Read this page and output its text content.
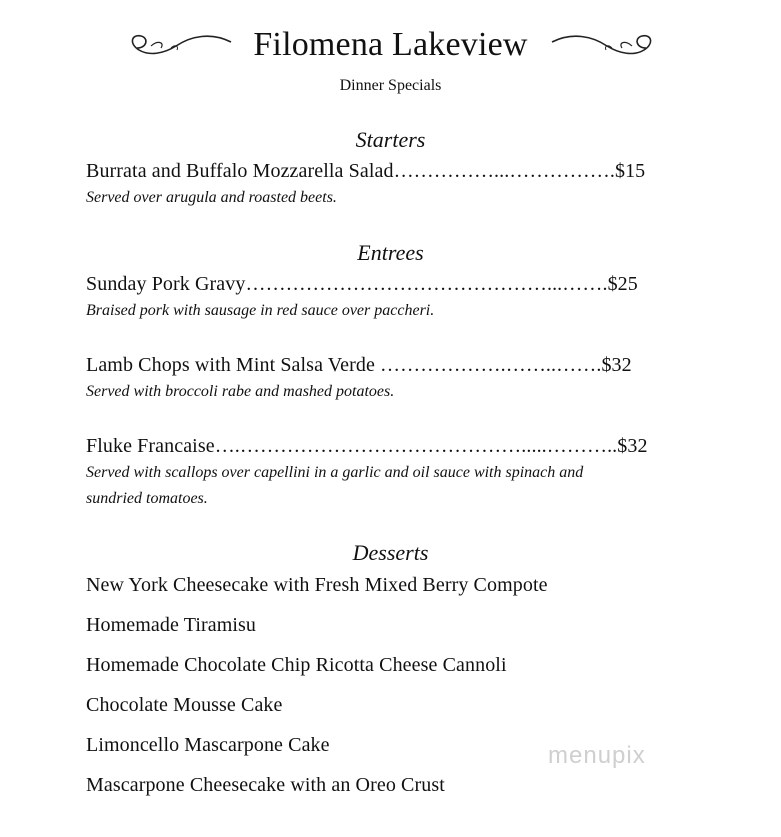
Filomena Lakeview
Dinner Specials
Starters
Burrata and Buffalo Mozzarella Salad……………...…………….$15
Served over arugula and roasted beets.
Entrees
Sunday Pork Gravy………………………………………...…….$25
Braised pork with sausage in red sauce over paccheri.
Lamb Chops with Mint Salsa Verde ……………….……..…….$32
Served with broccoli rabe and mashed potatoes.
Fluke Francaise….…………………………………….....………..$32
Served with scallops over capellini in a garlic and oil sauce with spinach and
sundried tomatoes.
Desserts
New York Cheesecake with Fresh Mixed Berry Compote
Homemade Tiramisu
Homemade Chocolate Chip Ricotta Cheese Cannoli
Chocolate Mousse Cake
Limoncello Mascarpone Cake
Mascarpone Cheesecake with an Oreo Crust
menupix
